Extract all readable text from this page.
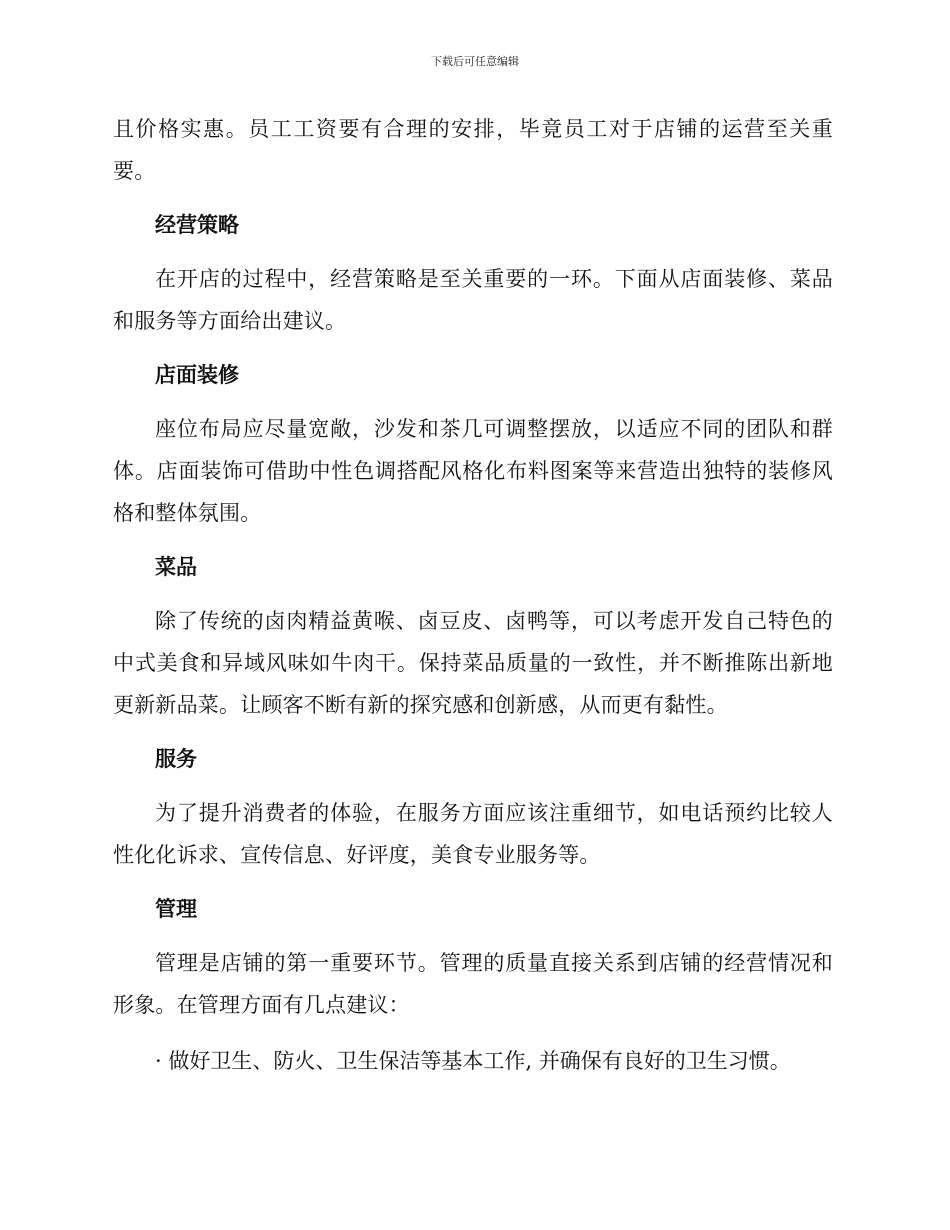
下载后可任意编辑

且价格实惠。员工工资要有合理的安排，毕竟员工对于店铺的运营至关重要。

经营策略

在开店的过程中，经营策略是至关重要的一环。下面从店面装修、菜品和服务等方面给出建议。

店面装修

座位布局应尽量宽敞，沙发和茶几可调整摆放，以适应不同的团队和群体。店面装饰可借助中性色调搭配风格化布料图案等来营造出独特的装修风格和整体氛围。

菜品

除了传统的卤肉精益黄喉、卤豆皮、卤鸭等，可以考虑开发自己特色的中式美食和异域风味如牛肉干。保持菜品质量的一致性，并不断推陈出新地更新新品菜。让顾客不断有新的探究感和创新感，从而更有黏性。

服务

为了提升消费者的体验，在服务方面应该注重细节，如电话预约比较人性化化诉求、宣传信息、好评度，美食专业服务等。

管理

管理是店铺的第一重要环节。管理的质量直接关系到店铺的经营情况和形象。在管理方面有几点建议：

· 做好卫生、防火、卫生保洁等基本工作, 并确保有良好的卫生习惯。
